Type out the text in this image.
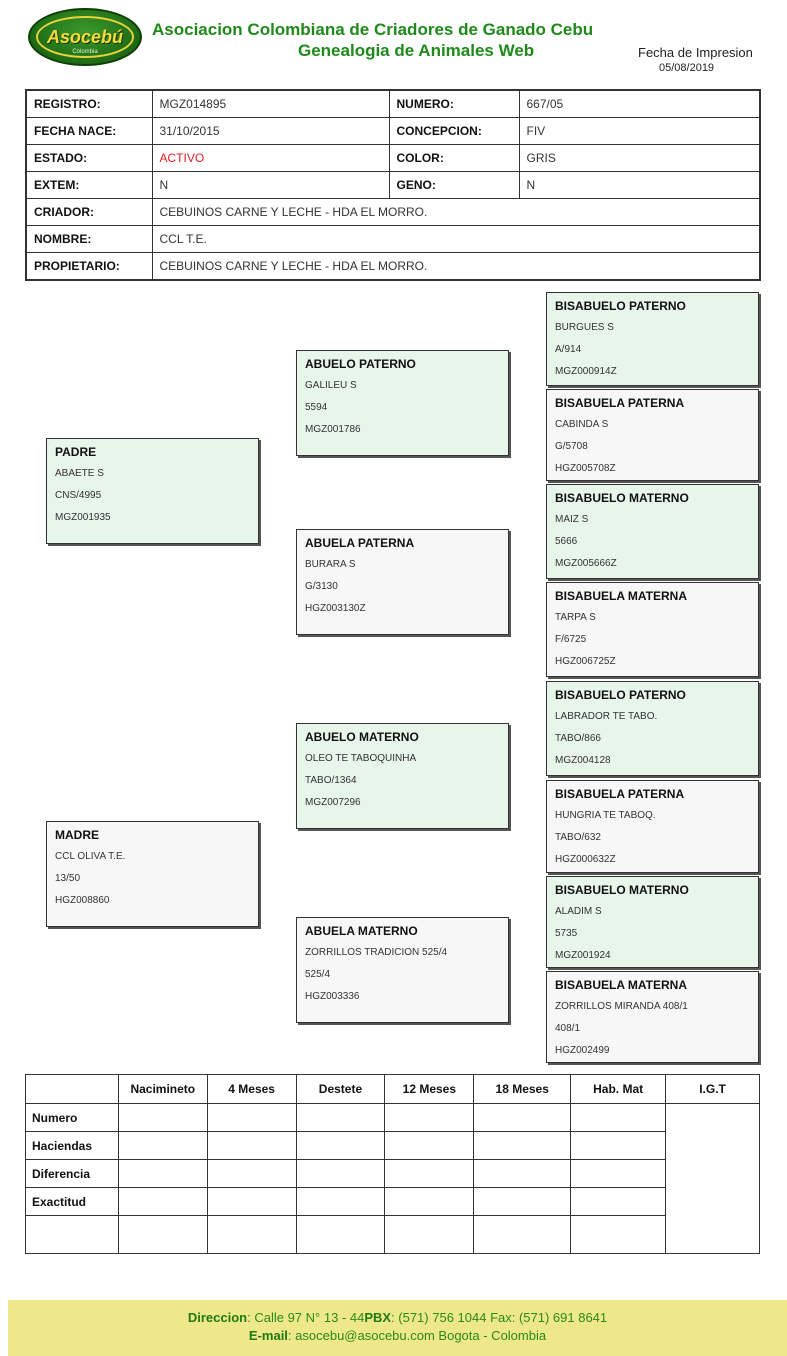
Asocebú
Colombia
Asociacion Colombiana de Criadores de Ganado Cebu
Genealogia de Animales Web	Fecha de Impresion
05/08/2019
REGISTRO:	MGZ014895	NUMERO:	667/05
FECHA NACE:	31/10/2015	CONCEPCION:	FIV
ESTADO:	ACTIVO	COLOR:	GRIS
EXTEM:	N	GENO:	N
CRIADOR:	CEBUINOS CARNE Y LECHE - HDA EL MORRO.		
NOMBRE:	CCL T.E.		
PROPIETARIO:	CEBUINOS CARNE Y LECHE - HDA EL MORRO.		
PADRE
ABAETE S
CNS/4995
MGZ001935
MADRE
CCL OLIVA T.E.
13/50
HGZ008860
ABUELO PATERNO
GALILEU S
5594
MGZ001786
ABUELA PATERNA
BURARA S
G/3130
HGZ003130Z
ABUELO MATERNO
OLEO TE TABOQUINHA
TABO/1364
MGZ007296
ABUELA MATERNO
ZORRILLOS TRADICION 525/4
525/4
HGZ003336
BISABUELO PATERNO
BURGUES S
A/914
MGZ000914Z
BISABUELA PATERNA
CABINDA S
G/5708
HGZ005708Z
BISABUELO MATERNO
MAIZ S
5666
MGZ005666Z
BISABUELA MATERNA
TARPA S
F/6725
HGZ006725Z
BISABUELO PATERNO
LABRADOR TE TABO.
TABO/866
MGZ004128
BISABUELA PATERNA
HUNGRIA TE TABOQ.
TABO/632
HGZ000632Z
BISABUELO MATERNO
ALADIM S
5735
MGZ001924
BISABUELA MATERNA
ZORRILLOS MIRANDA 408/1
408/1
HGZ002499
	Nacimineto	4 Meses	Destete	12 Meses	18 Meses	Hab. Mat	I.G.T
Numero							
Haciendas							
Diferencia							
Exactitud							

Direccion: Calle 97 N° 13 - 44PBX: (571) 756 1044 Fax: (571) 691 8641
E-mail: asocebu@asocebu.com Bogota - Colombia
